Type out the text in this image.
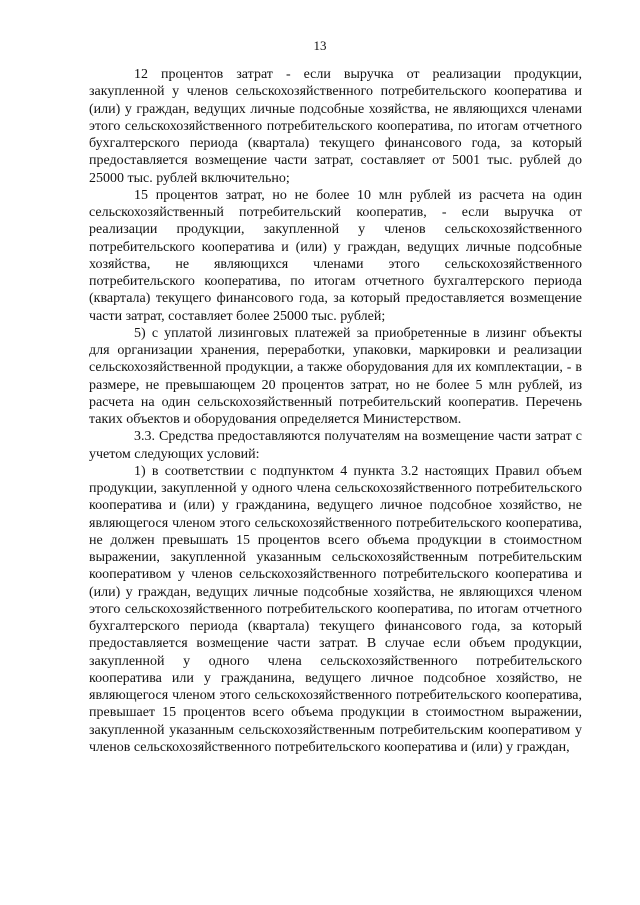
13

12 процентов затрат - если выручка от реализации продукции, закупленной у членов сельскохозяйственного потребительского кооператива и (или) у граждан, ведущих личные подсобные хозяйства, не являющихся членами этого сельскохозяйственного потребительского кооператива, по итогам отчетного бухгалтерского периода (квартала) текущего финансового года, за который предоставляется возмещение части затрат, составляет от 5001 тыс. рублей до 25000 тыс. рублей включительно;

15 процентов затрат, но не более 10 млн рублей из расчета на один сельскохозяйственный потребительский кооператив, - если выручка от реализации продукции, закупленной у членов сельскохозяйственного потребительского кооператива и (или) у граждан, ведущих личные подсобные хозяйства, не являющихся членами этого сельскохозяйственного потребительского кооператива, по итогам отчетного бухгалтерского периода (квартала) текущего финансового года, за который предоставляется возмещение части затрат, составляет более 25000 тыс. рублей;

5) с уплатой лизинговых платежей за приобретенные в лизинг объекты для организации хранения, переработки, упаковки, маркировки и реализации сельскохозяйственной продукции, а также оборудования для их комплектации, - в размере, не превышающем 20 процентов затрат, но не более 5 млн рублей, из расчета на один сельскохозяйственный потребительский кооператив. Перечень таких объектов и оборудования определяется Министерством.

3.3. Средства предоставляются получателям на возмещение части затрат с учетом следующих условий:

1) в соответствии с подпунктом 4 пункта 3.2 настоящих Правил объем продукции, закупленной у одного члена сельскохозяйственного потребительского кооператива и (или) у гражданина, ведущего личное подсобное хозяйство, не являющегося членом этого сельскохозяйственного потребительского кооператива, не должен превышать 15 процентов всего объема продукции в стоимостном выражении, закупленной указанным сельскохозяйственным потребительским кооперативом у членов сельскохозяйственного потребительского кооператива и (или) у граждан, ведущих личные подсобные хозяйства, не являющихся членом этого сельскохозяйственного потребительского кооператива, по итогам отчетного бухгалтерского периода (квартала) текущего финансового года, за который предоставляется возмещение части затрат. В случае если объем продукции, закупленной у одного члена сельскохозяйственного потребительского кооператива или у гражданина, ведущего личное подсобное хозяйство, не являющегося членом этого сельскохозяйственного потребительского кооператива, превышает 15 процентов всего объема продукции в стоимостном выражении, закупленной указанным сельскохозяйственным потребительским кооперативом у членов сельскохозяйственного потребительского кооператива и (или) у граждан,
